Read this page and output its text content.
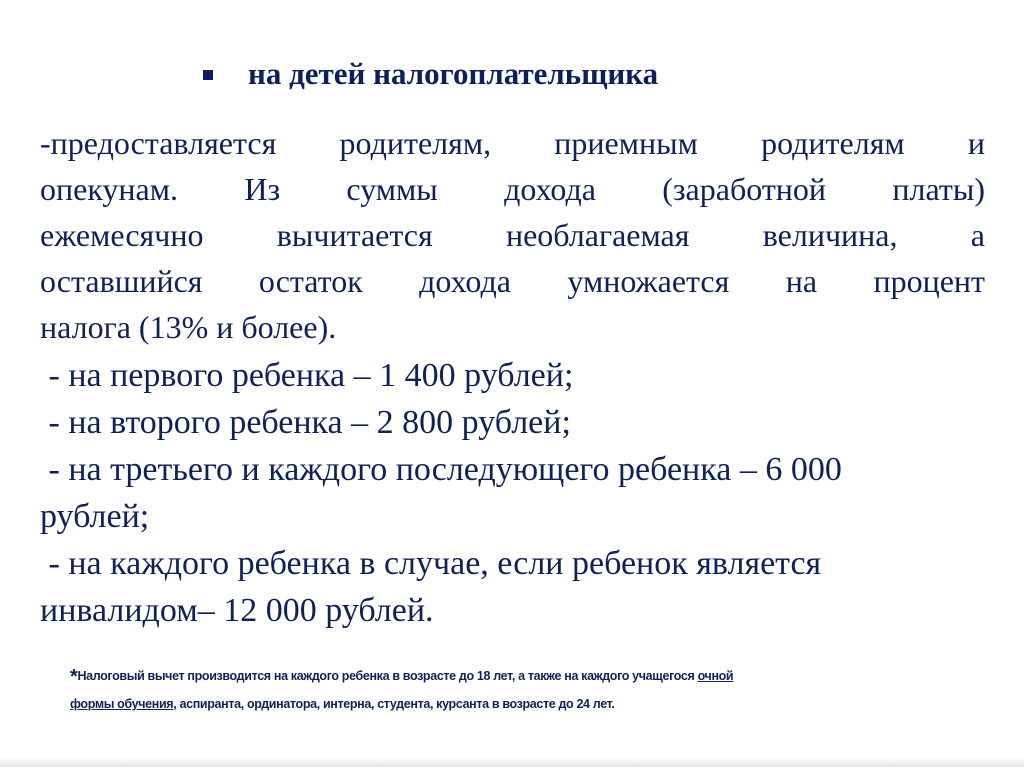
на детей налогоплательщика
-предоставляется родителям, приемным родителям и
опекунам. Из суммы дохода (заработной платы)
ежемесячно вычитается необлагаемая величина, а
оставшийся остаток дохода умножается на процент
налога (13% и более).
- на первого ребенка – 1 400 рублей;
- на второго ребенка – 2 800 рублей;
- на третьего и каждого последующего ребенка – 6 000
рублей;
- на каждого ребенка в случае, если ребенок является
инвалидом– 12 000 рублей.
*Налоговый вычет производится на каждого ребенка в возрасте до 18 лет, а также на каждого учащегося очной
формы обучения, аспиранта, ординатора, интерна, студента, курсанта в возрасте до 24 лет.
